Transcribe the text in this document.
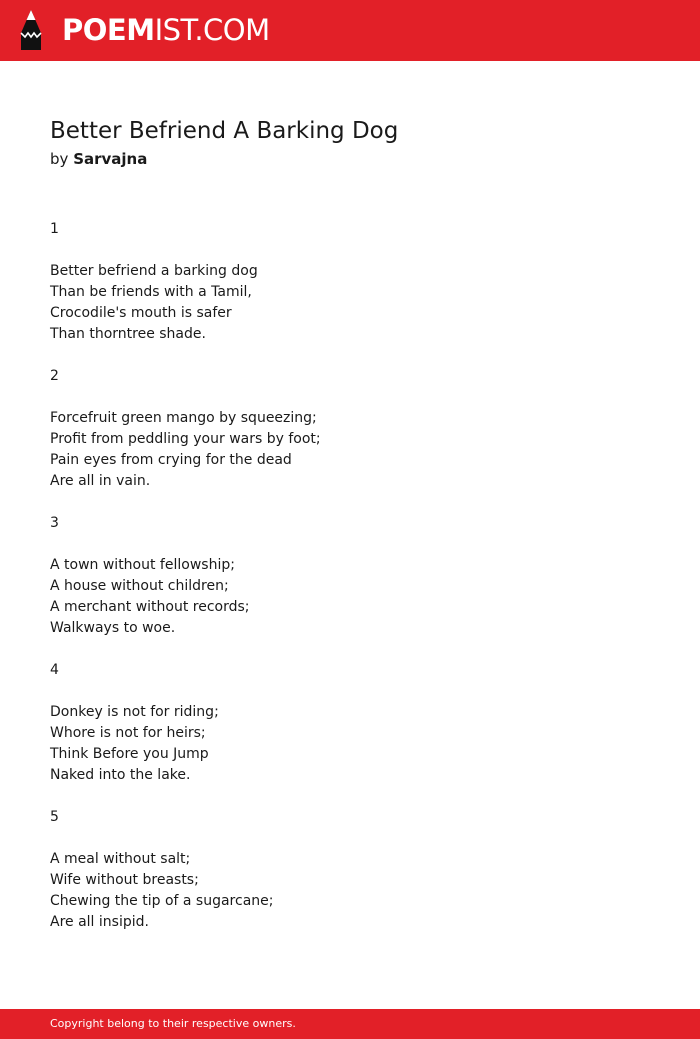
POEMIST.COM
Better Befriend A Barking Dog
by Sarvajna
1
Better befriend a barking dog
Than be friends with a Tamil,
Crocodile's mouth is safer
Than thorntree shade.
2
Forcefruit green mango by squeezing;
Profit from peddling your wars by foot;
Pain eyes from crying for the dead
Are all in vain.
3
A town without fellowship;
A house without children;
A merchant without records;
Walkways to woe.
4
Donkey is not for riding;
Whore is not for heirs;
Think Before you Jump
Naked into the lake.
5
A meal without salt;
Wife without breasts;
Chewing the tip of a sugarcane;
Are all insipid.
Copyright belong to their respective owners.
